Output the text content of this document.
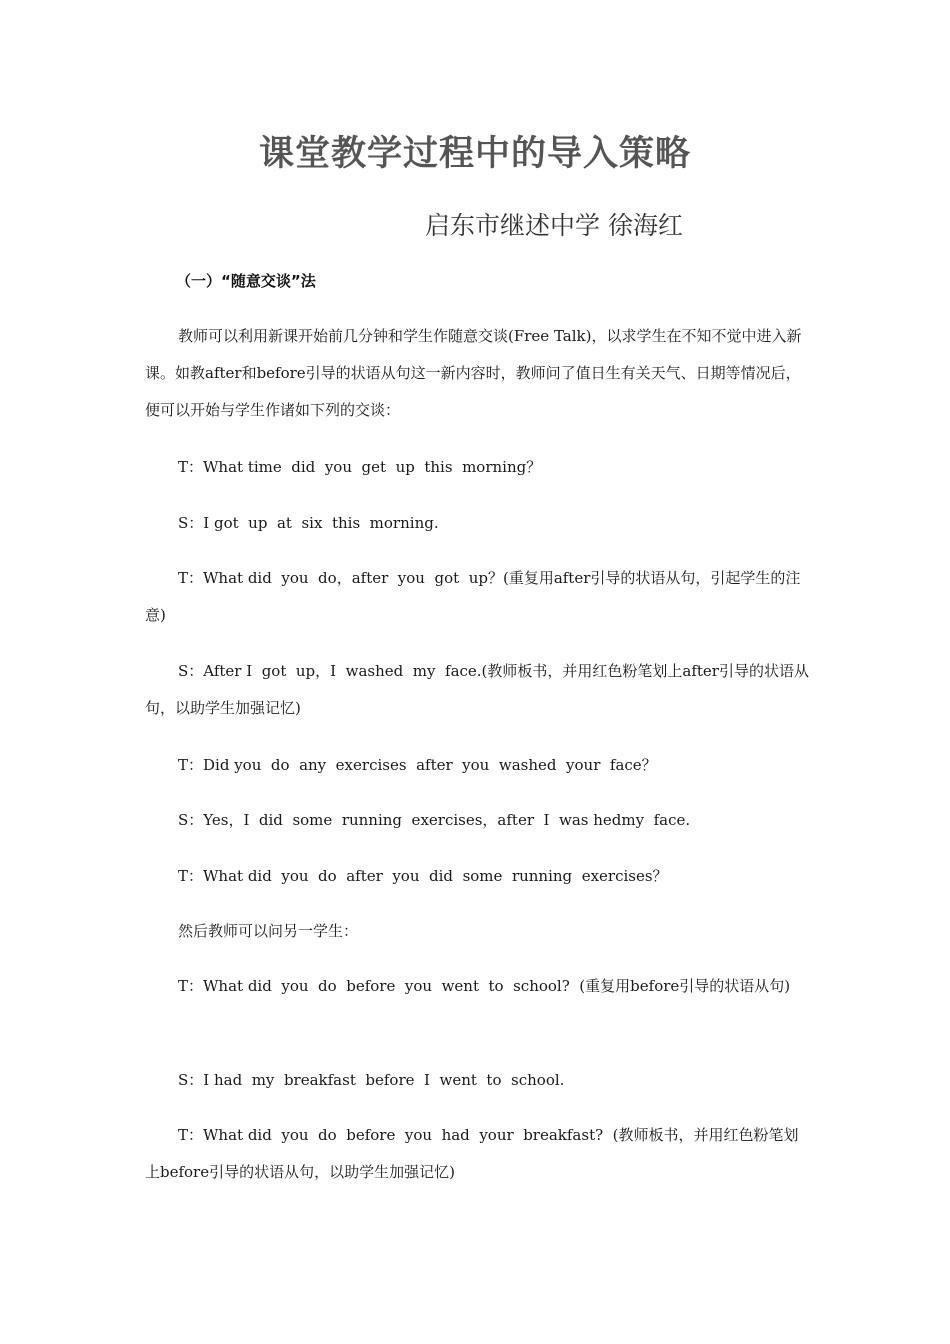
课堂教学过程中的导入策略
启东市继述中学 徐海红
（一）“随意交谈”法
教师可以利用新课开始前几分钟和学生作随意交谈(Free Talk)，以求学生在不知不觉中进入新课。如教after和before引导的状语从句这一新内容时，教师问了值日生有关天气、日期等情况后，便可以开始与学生作诸如下列的交谈：
T：What time  did  you  get  up  this  morning？
S：I got  up  at  six  this  morning.
T：What did  you  do，after  you  got  up？(重复用after引导的状语从句，引起学生的注意)
S：After I  got  up，I  washed  my  face.(教师板书，并用红色粉笔划上after引导的状语从句，以助学生加强记忆)
T：Did you  do  any  exercises  after  you  washed  your  face？
S：Yes，I  did  some  running  exercises，after  I  was hedmy  face.
T：What did  you  do  after  you  did  some  running  exercises？
然后教师可以问另一学生：
T：What did  you  do  before  you  went  to  school?  (重复用before引导的状语从句)
S：I had  my  breakfast  before  I  went  to  school.
T：What did  you  do  before  you  had  your  breakfast?  (教师板书，并用红色粉笔划上before引导的状语从句，以助学生加强记忆)
